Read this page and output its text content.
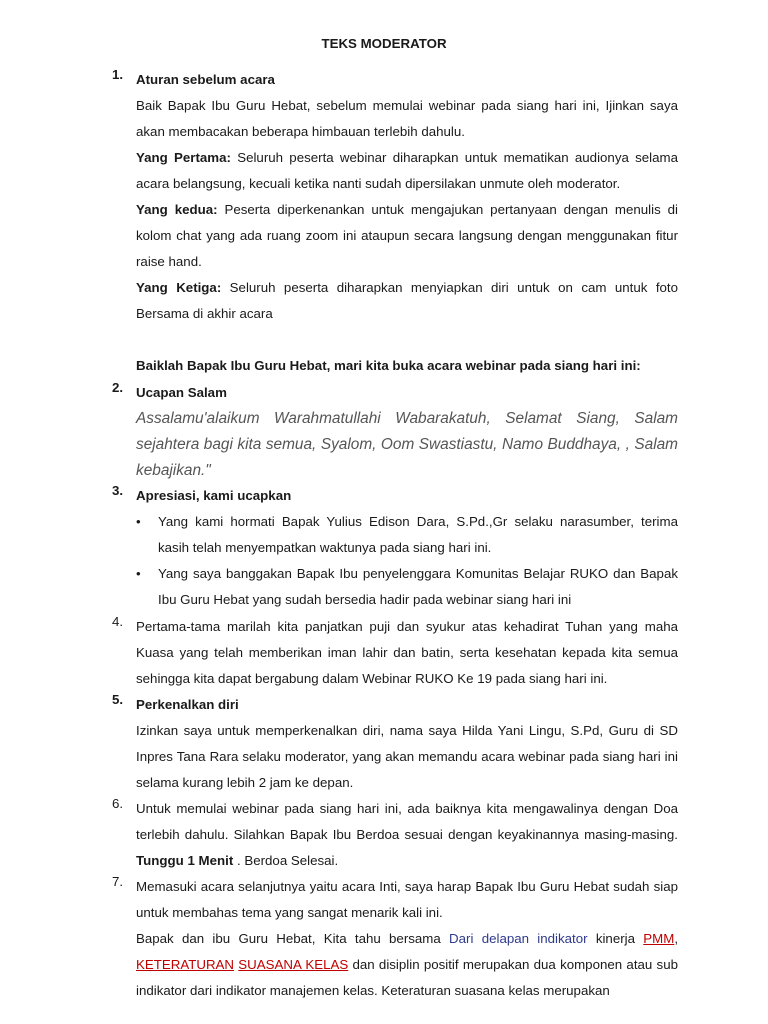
TEKS MODERATOR
1. Aturan sebelum acara
Baik Bapak Ibu Guru Hebat, sebelum memulai webinar pada siang hari ini, Ijinkan saya akan membacakan beberapa himbauan terlebih dahulu.
Yang Pertama: Seluruh peserta webinar diharapkan untuk mematikan audionya selama acara belangsung, kecuali ketika nanti sudah dipersilakan unmute oleh moderator.
Yang kedua: Peserta diperkenankan untuk mengajukan pertanyaan dengan menulis di kolom chat yang ada ruang zoom ini ataupun secara langsung dengan menggunakan fitur raise hand.
Yang Ketiga: Seluruh peserta diharapkan menyiapkan diri untuk on cam untuk foto Bersama di akhir acara
Baiklah Bapak Ibu Guru Hebat, mari kita buka acara webinar pada siang hari ini:
2. Ucapan Salam
Assalamu'alaikum Warahmatullahi Wabarakatuh, Selamat Siang, Salam sejahtera bagi kita semua, Syalom, Oom Swastiastu, Namo Buddhaya, , Salam kebajikan."
3. Apresiasi, kami ucapkan
• Yang kami hormati Bapak Yulius Edison Dara, S.Pd.,Gr selaku narasumber, terima kasih telah menyempatkan waktunya pada siang hari ini.
• Yang saya banggakan Bapak Ibu penyelenggara Komunitas Belajar RUKO dan Bapak Ibu Guru Hebat yang sudah bersedia hadir pada webinar siang hari ini
4. Pertama-tama marilah kita panjatkan puji dan syukur atas kehadirat Tuhan yang maha Kuasa yang telah memberikan iman lahir dan batin, serta kesehatan kepada kita semua sehingga kita dapat bergabung dalam Webinar RUKO Ke 19 pada siang hari ini.
5. Perkenalkan diri
Izinkan saya untuk memperkenalkan diri, nama saya Hilda Yani Lingu, S.Pd, Guru di SD Inpres Tana Rara selaku moderator, yang akan memandu acara webinar pada siang hari ini selama kurang lebih 2 jam ke depan.
6. Untuk memulai webinar pada siang hari ini, ada baiknya kita mengawalinya dengan Doa terlebih dahulu. Silahkan Bapak Ibu Berdoa sesuai dengan keyakinannya masing-masing. Tunggu 1 Menit . Berdoa Selesai.
7. Memasuki acara selanjutnya yaitu acara Inti, saya harap Bapak Ibu Guru Hebat sudah siap untuk membahas tema yang sangat menarik kali ini.
Bapak dan ibu Guru Hebat, Kita tahu bersama Dari delapan indikator kinerja PMM, KETERATURAN SUASANA KELAS dan disiplin positif merupakan dua komponen atau sub indikator dari indikator manajemen kelas. Keteraturan suasana kelas merupakan
